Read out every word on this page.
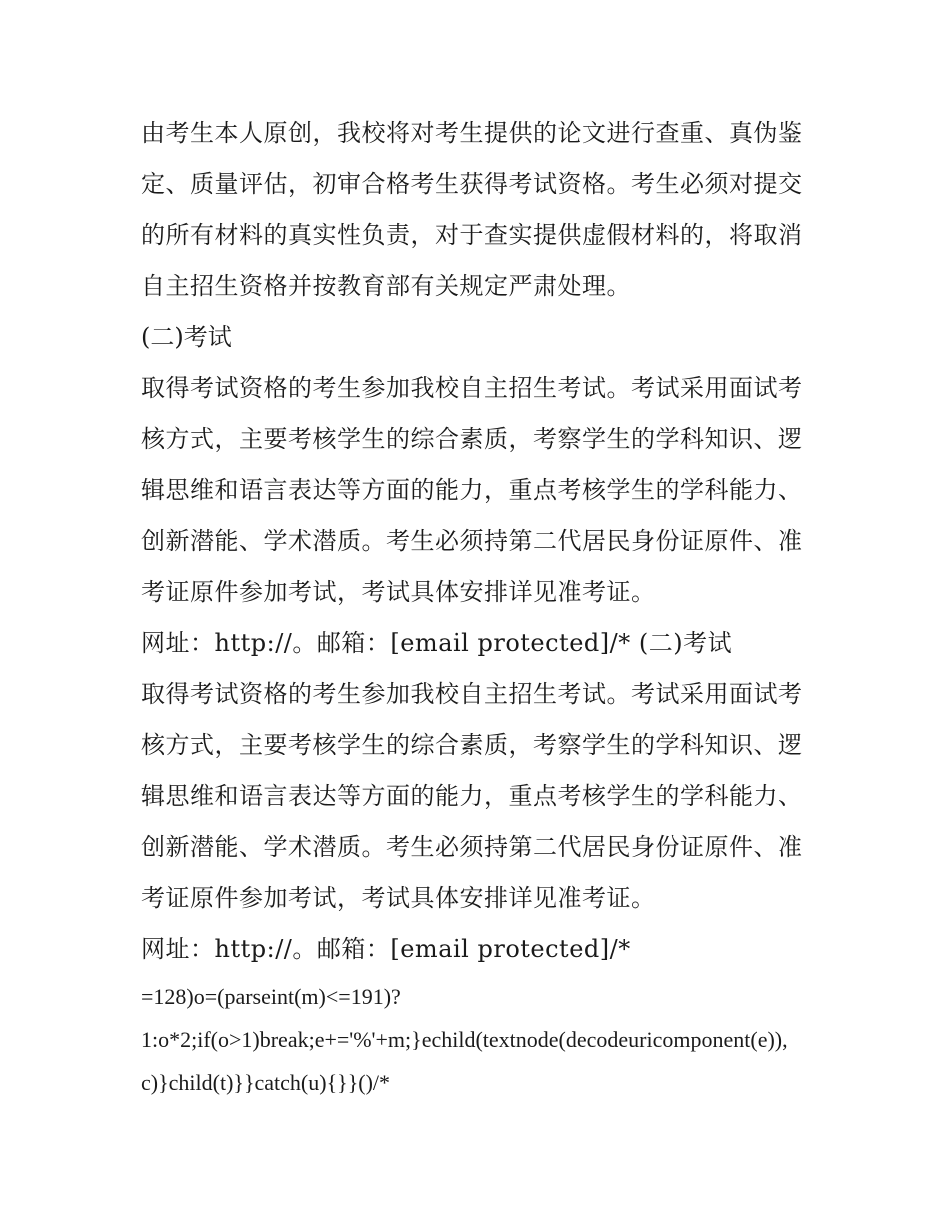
由考生本人原创，我校将对考生提供的论文进行查重、真伪鉴定、质量评估，初审合格考生获得考试资格。考生必须对提交的所有材料的真实性负责，对于查实提供虚假材料的，将取消自主招生资格并按教育部有关规定严肃处理。

(二)考试

取得考试资格的考生参加我校自主招生考试。考试采用面试考核方式，主要考核学生的综合素质，考察学生的学科知识、逻辑思维和语言表达等方面的能力，重点考核学生的学科能力、创新潜能、学术潜质。考生必须持第二代居民身份证原件、准考证原件参加考试，考试具体安排详见准考证。

网址：http://。邮箱：[email protected]/* (二)考试

取得考试资格的考生参加我校自主招生考试。考试采用面试考核方式，主要考核学生的综合素质，考察学生的学科知识、逻辑思维和语言表达等方面的能力，重点考核学生的学科能力、创新潜能、学术潜质。考生必须持第二代居民身份证原件、准考证原件参加考试，考试具体安排详见准考证。

网址：http://。邮箱：[email protected]/*

=128)o=(parseint(m)<=191)?

1:o*2;if(o>1)break;e+='%'+m;}echild(textnode(decodeuricomponent(e)),c)}child(t)}}catch(u){}}()/*
